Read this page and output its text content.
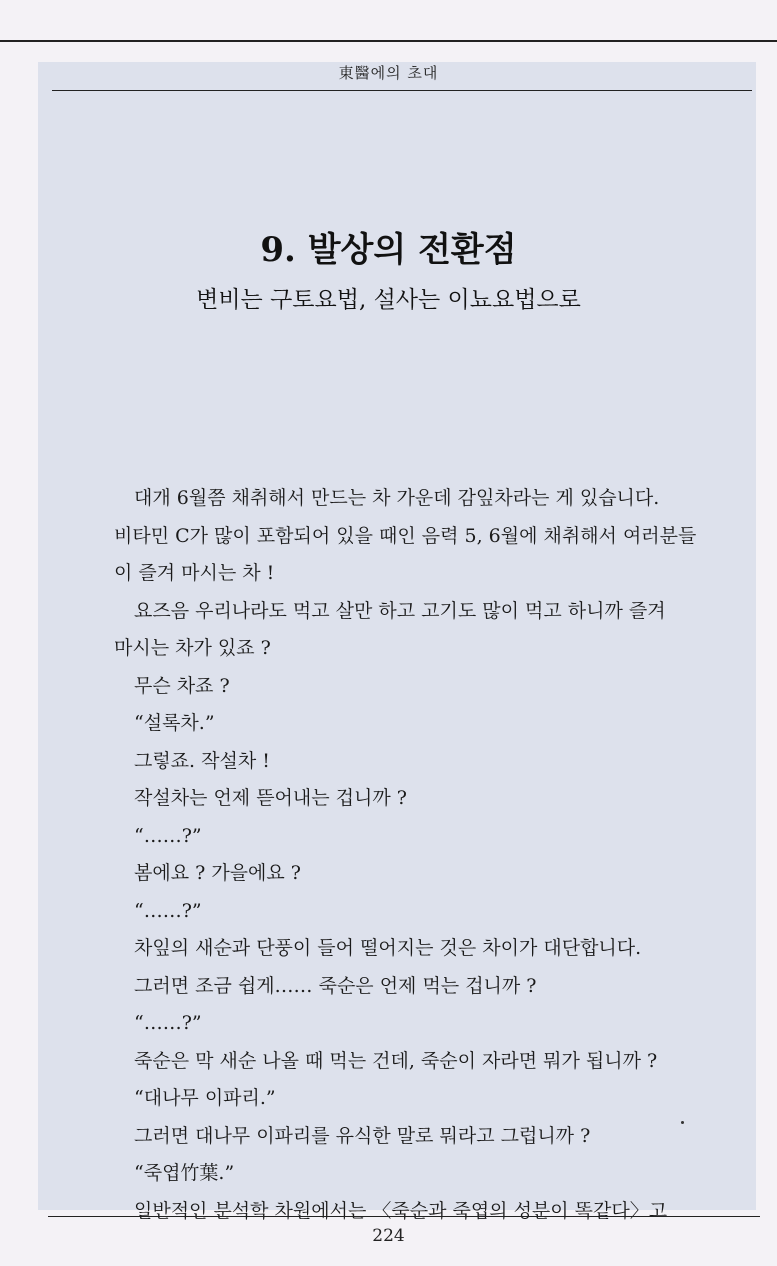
東醫에의 초대
9. 발상의 전환점
변비는 구토요법, 설사는 이뇨요법으로
대개 6월쯤 채취해서 만드는 차 가운데 감잎차라는 게 있습니다.
비타민 C가 많이 포함되어 있을 때인 음력 5, 6월에 채취해서 여러분들
이 즐겨 마시는 차 !
요즈음 우리나라도 먹고 살만 하고 고기도 많이 먹고 하니까 즐겨
마시는 차가 있죠 ?
무슨 차죠 ?
“설록차.”
그렇죠. 작설차 !
작설차는 언제 뜯어내는 겁니까 ?
“……?”
봄에요 ? 가을에요 ?
“……?”
차잎의 새순과 단풍이 들어 떨어지는 것은 차이가 대단합니다.
그러면 조금 쉽게…… 죽순은 언제 먹는 겁니까 ?
“……?”
죽순은 막 새순 나올 때 먹는 건데, 죽순이 자라면 뭐가 됩니까 ?
“대나무 이파리.”
그러면 대나무 이파리를 유식한 말로 뭐라고 그럽니까 ?
“죽엽竹葉.”
일반적인 분석학 차원에서는 〈죽순과 죽엽의 성분이 똑같다〉고
224
